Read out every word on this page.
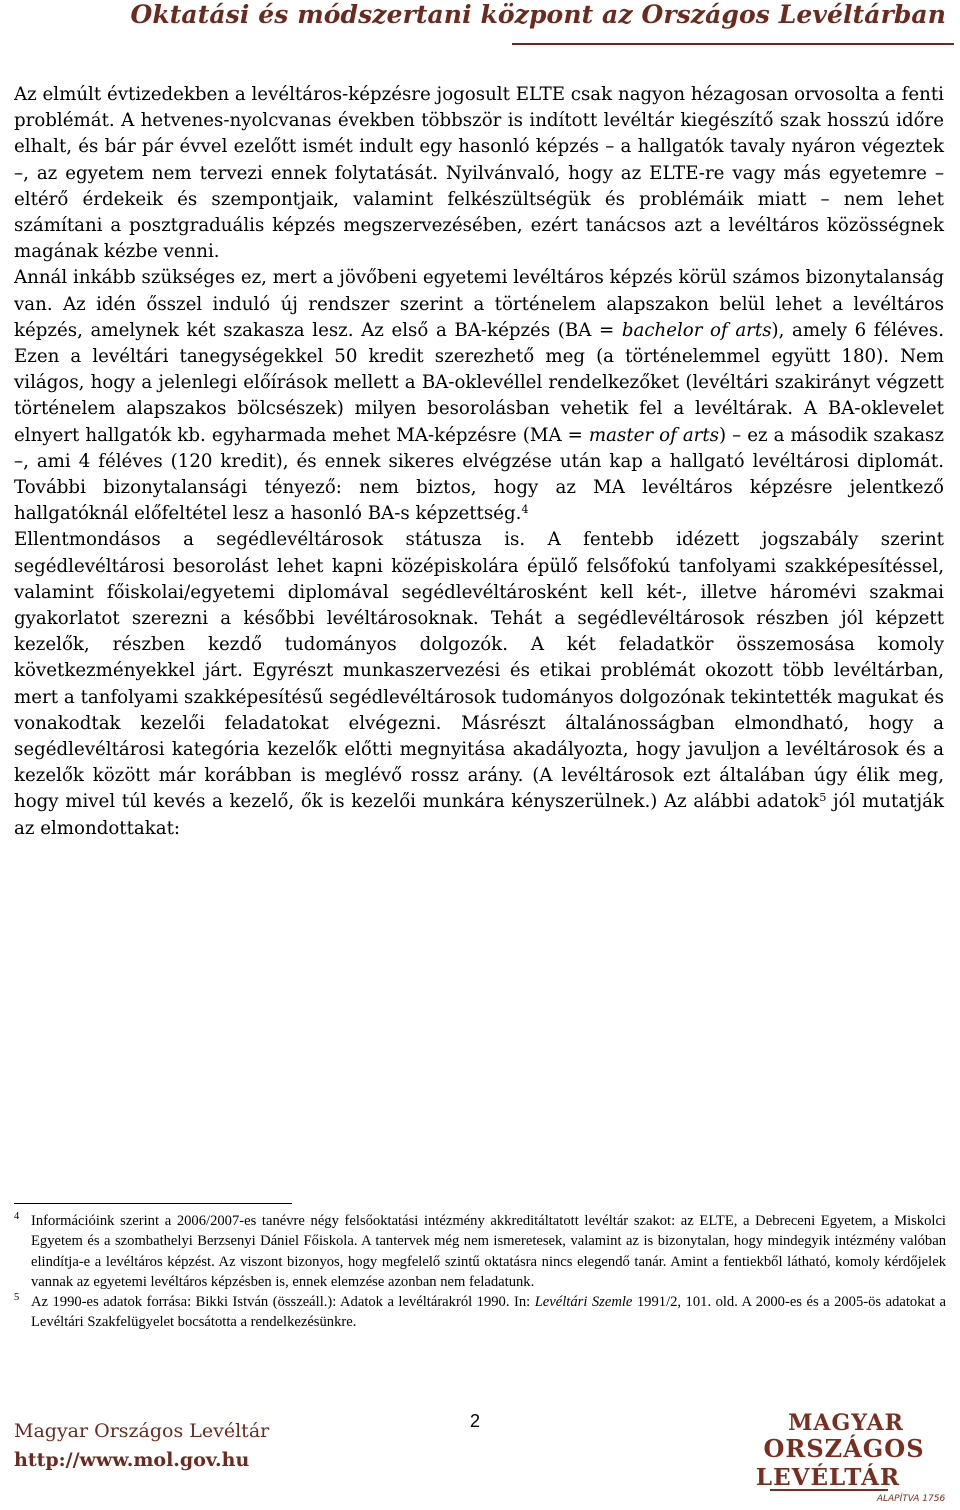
Oktatási és módszertani központ az Országos Levéltárban

Az elmúlt évtizedekben a levéltáros-képzésre jogosult ELTE csak nagyon hézagosan orvosolta a fenti problémát. A hetvenes-nyolcvanas években többször is indított levéltár kiegészítő szak hosszú időre elhalt, és bár pár évvel ezelőtt ismét indult egy hasonló képzés – a hallgatók tavaly nyáron végeztek –, az egyetem nem tervezi ennek folytatását. Nyilvánvaló, hogy az ELTE-re vagy más egyetemre – eltérő érdekeik és szempontjaik, valamint felkészültségük és problémáik miatt – nem lehet számítani a posztgraduális képzés megszervezésében, ezért tanácsos azt a levéltáros közösségnek magának kézbe venni.

Annál inkább szükséges ez, mert a jövőbeni egyetemi levéltáros képzés körül számos bizonytalanság van. Az idén ősszel induló új rendszer szerint a történelem alapszakon belül lehet a levéltáros képzés, amelynek két szakasza lesz. Az első a BA-képzés (BA = bachelor of arts), amely 6 féléves. Ezen a levéltári tanegységekkel 50 kredit szerezhető meg (a történelemmel együtt 180). Nem világos, hogy a jelenlegi előírások mellett a BA-oklevéllel rendelkezőket (levéltári szakirányt végzett történelem alapszakos bölcsészek) milyen besorolásban vehetik fel a levéltárak. A BA-oklevelet elnyert hallgatók kb. egyharmada mehet MA-képzésre (MA = master of arts) – ez a második szakasz –, ami 4 féléves (120 kredit), és ennek sikeres elvégzése után kap a hallgató levéltárosi diplomát. További bizonytalansági tényező: nem biztos, hogy az MA levéltáros képzésre jelentkező hallgatóknál előfeltétel lesz a hasonló BA-s képzettség.$^4$

Ellentmondásos a segédlevéltárosok státusza is. A fentebb idézett jogszabály szerint segédlevéltárosi besorolást lehet kapni középiskolára épülő felsőfokú tanfolyami szakképesítéssel, valamint főiskolai/egyetemi diplomával segédlevéltárosként kell két-, illetve háromévi szakmai gyakorlatot szerezni a későbbi levéltárosoknak. Tehát a segédlevéltárosok részben jól képzett kezelők, részben kezdő tudományos dolgozók. A két feladatkör összemosása komoly következményekkel járt. Egyrészt munkaszervezési és etikai problémát okozott több levéltárban, mert a tanfolyami szakképesítésű segédlevéltárosok tudományos dolgozónak tekintették magukat és vonakodtak kezelői feladatokat elvégezni. Másrészt általánosságban elmondható, hogy a segédlevéltárosi kategória kezelők előtti megnyitása akadályozta, hogy javuljon a levéltárosok és a kezelők között már korábban is meglévő rossz arány. (A levéltárosok ezt általában úgy élik meg, hogy mivel túl kevés a kezelő, ők is kezelői munkára kényszerülnek.) Az alábbi adatok$^5$ jól mutatják az elmondottakat:

4 Információink szerint a 2006/2007-es tanévre négy felsőoktatási intézmény akkreditáltatott levéltár szakot: az ELTE, a Debreceni Egyetem, a Miskolci Egyetem és a szombathelyi Berzsenyi Dániel Főiskola. A tantervek még nem ismeretesek, valamint az is bizonytalan, hogy mindegyik intézmény valóban elindítja-e a levéltáros képzést. Az viszont bizonyos, hogy megfelelő szintű oktatásra nincs elegendő tanár. Amint a fentiekből látható, komoly kérdőjelek vannak az egyetemi levéltáros képzésben is, ennek elemzése azonban nem feladatunk.
5 Az 1990-es adatok forrása: Bikki István (összeáll.): Adatok a levéltárakról 1990. In: Levéltári Szemle 1991/2, 101. old. A 2000-es és a 2005-ös adatokat a Levéltári Szakfelügyelet bocsátotta a rendelkezésünkre.
2
Magyar Országos Levéltár
http://www.mol.gov.hu
MAGYAR
ORSZÁGOS
LEVÉLTÁR
ALAPÍTVA 1756
